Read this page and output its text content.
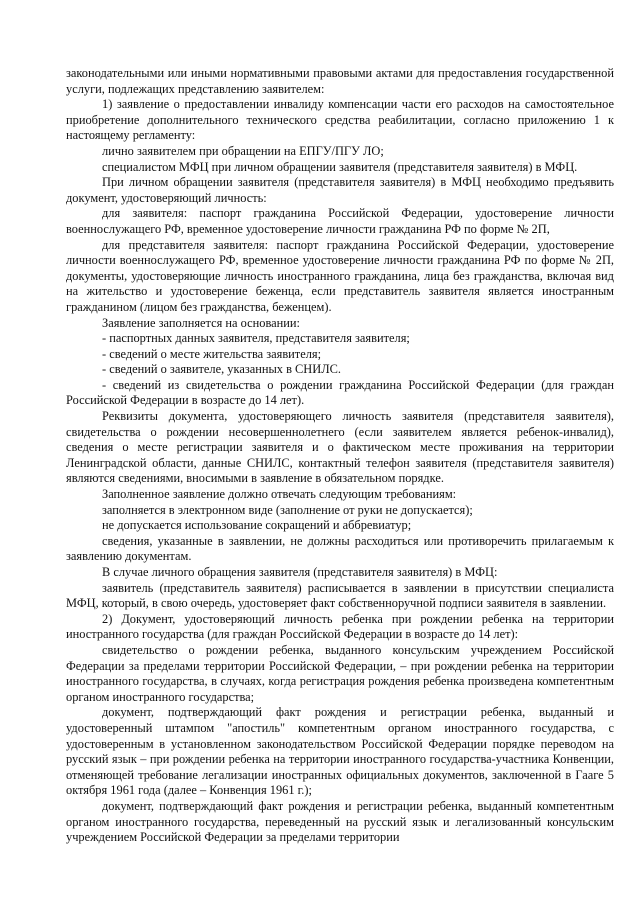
законодательными или иными нормативными правовыми актами для предоставления государственной услуги, подлежащих представлению заявителем:

1) заявление о предоставлении инвалиду компенсации части его расходов на самостоятельное приобретение дополнительного технического средства реабилитации, согласно приложению 1 к настоящему регламенту:

лично заявителем при обращении на ЕПГУ/ПГУ ЛО;

специалистом МФЦ при личном обращении заявителя (представителя заявителя) в МФЦ.

При личном обращении заявителя (представителя заявителя) в МФЦ необходимо предъявить документ, удостоверяющий личность:

для заявителя: паспорт гражданина Российской Федерации, удостоверение личности военнослужащего РФ, временное удостоверение личности гражданина РФ по форме № 2П,

для представителя заявителя: паспорт гражданина Российской Федерации, удостоверение личности военнослужащего РФ, временное удостоверение личности гражданина РФ по форме № 2П, документы, удостоверяющие личность иностранного гражданина, лица без гражданства, включая вид на жительство и удостоверение беженца, если представитель заявителя является иностранным гражданином (лицом без гражданства, беженцем).

Заявление заполняется на основании:

- паспортных данных заявителя, представителя заявителя;

- сведений о месте жительства заявителя;

- сведений о заявителе, указанных в СНИЛС.

- сведений из свидетельства о рождении гражданина Российской Федерации (для граждан Российской Федерации в возрасте до 14 лет).

Реквизиты документа, удостоверяющего личность заявителя (представителя заявителя), свидетельства о рождении несовершеннолетнего (если заявителем является ребенок-инвалид), сведения о месте регистрации заявителя и о фактическом месте проживания на территории Ленинградской области, данные СНИЛС, контактный телефон заявителя (представителя заявителя) являются сведениями, вносимыми в заявление в обязательном порядке.

Заполненное заявление должно отвечать следующим требованиям:

заполняется в электронном виде (заполнение от руки не допускается);

не допускается использование сокращений и аббревиатур;

сведения, указанные в заявлении, не должны расходиться или противоречить прилагаемым к заявлению документам.

В случае личного обращения заявителя (представителя заявителя) в МФЦ:

заявитель (представитель заявителя) расписывается в заявлении в присутствии специалиста МФЦ, который, в свою очередь, удостоверяет факт собственноручной подписи заявителя в заявлении.

2) Документ, удостоверяющий личность ребенка при рождении ребенка на территории иностранного государства (для граждан Российской Федерации в возрасте до 14 лет):

свидетельство о рождении ребенка, выданного консульским учреждением Российской Федерации за пределами территории Российской Федерации, – при рождении ребенка на территории иностранного государства, в случаях, когда регистрация рождения ребенка произведена компетентным органом иностранного государства;

документ, подтверждающий факт рождения и регистрации ребенка, выданный и удостоверенный штампом "апостиль" компетентным органом иностранного государства, с удостоверенным в установленном законодательством Российской Федерации порядке переводом на русский язык – при рождении ребенка на территории иностранного государства-участника Конвенции, отменяющей требование легализации иностранных официальных документов, заключенной в Гааге 5 октября 1961 года (далее – Конвенция 1961 г.);

документ, подтверждающий факт рождения и регистрации ребенка, выданный компетентным органом иностранного государства, переведенный на русский язык и легализованный консульским учреждением Российской Федерации за пределами территории
